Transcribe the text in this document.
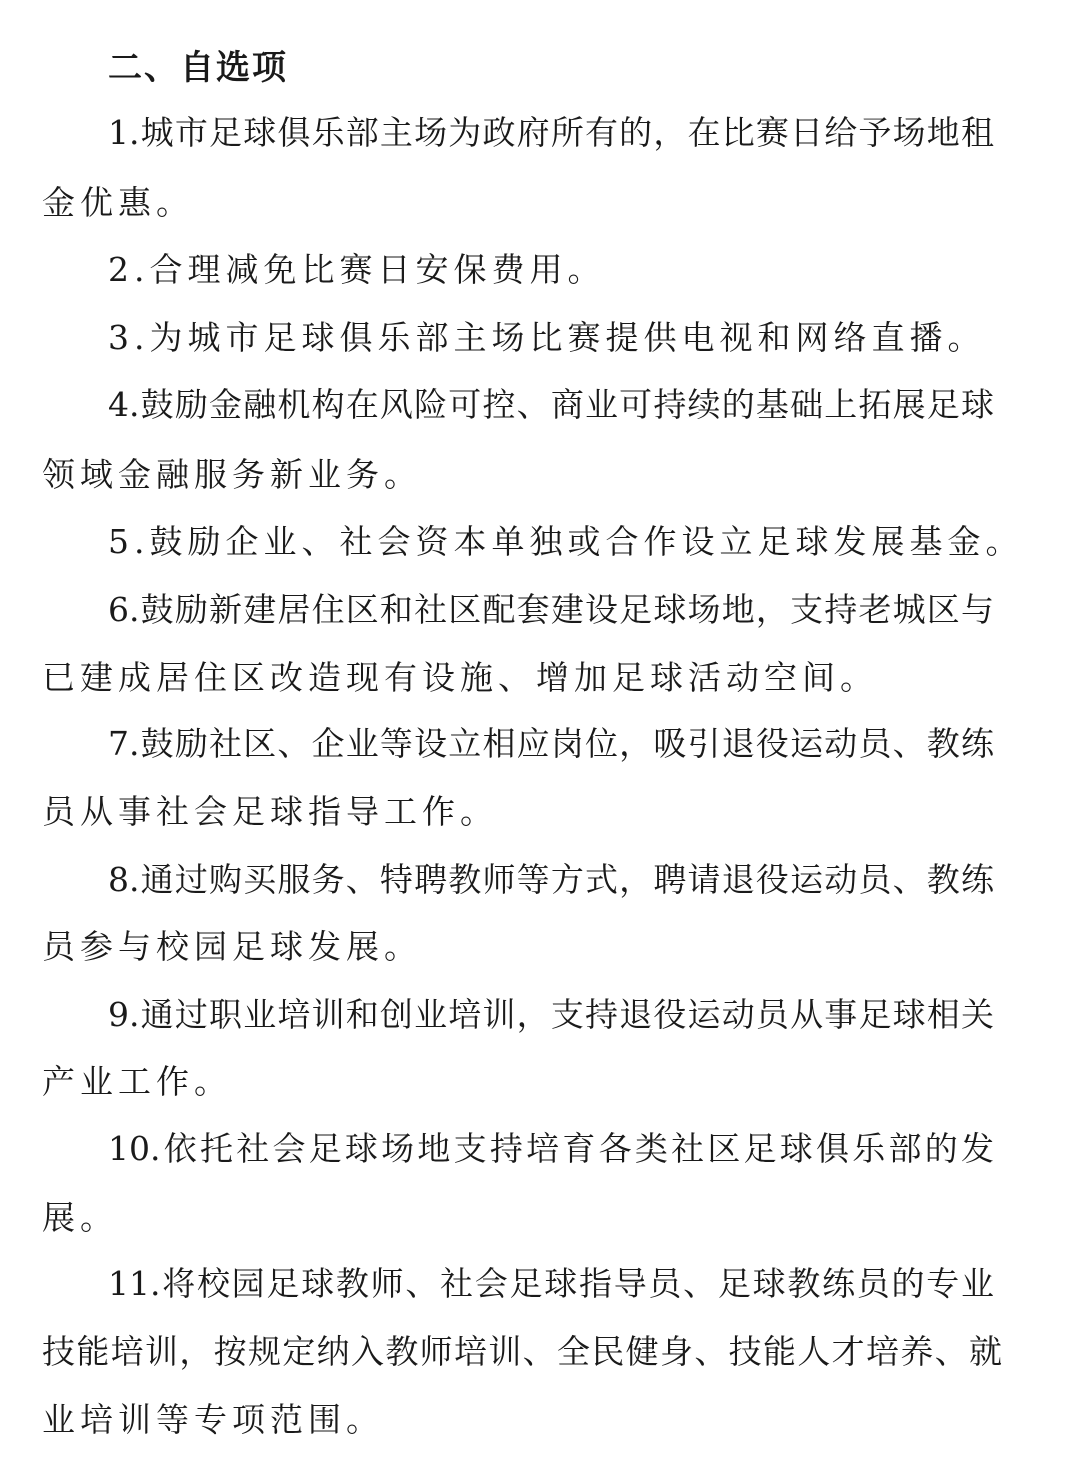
二、自选项
1.城市足球俱乐部主场为政府所有的，在比赛日给予场地租
金优惠。
2.合理减免比赛日安保费用。
3.为城市足球俱乐部主场比赛提供电视和网络直播。
4.鼓励金融机构在风险可控、商业可持续的基础上拓展足球
领域金融服务新业务。
5.鼓励企业、社会资本单独或合作设立足球发展基金。
6.鼓励新建居住区和社区配套建设足球场地，支持老城区与
已建成居住区改造现有设施、增加足球活动空间。
7.鼓励社区、企业等设立相应岗位，吸引退役运动员、教练
员从事社会足球指导工作。
8.通过购买服务、特聘教师等方式，聘请退役运动员、教练
员参与校园足球发展。
9.通过职业培训和创业培训，支持退役运动员从事足球相关
产业工作。
10.依托社会足球场地支持培育各类社区足球俱乐部的发
展。
11.将校园足球教师、社会足球指导员、足球教练员的专业
技能培训，按规定纳入教师培训、全民健身、技能人才培养、就
业培训等专项范围。
